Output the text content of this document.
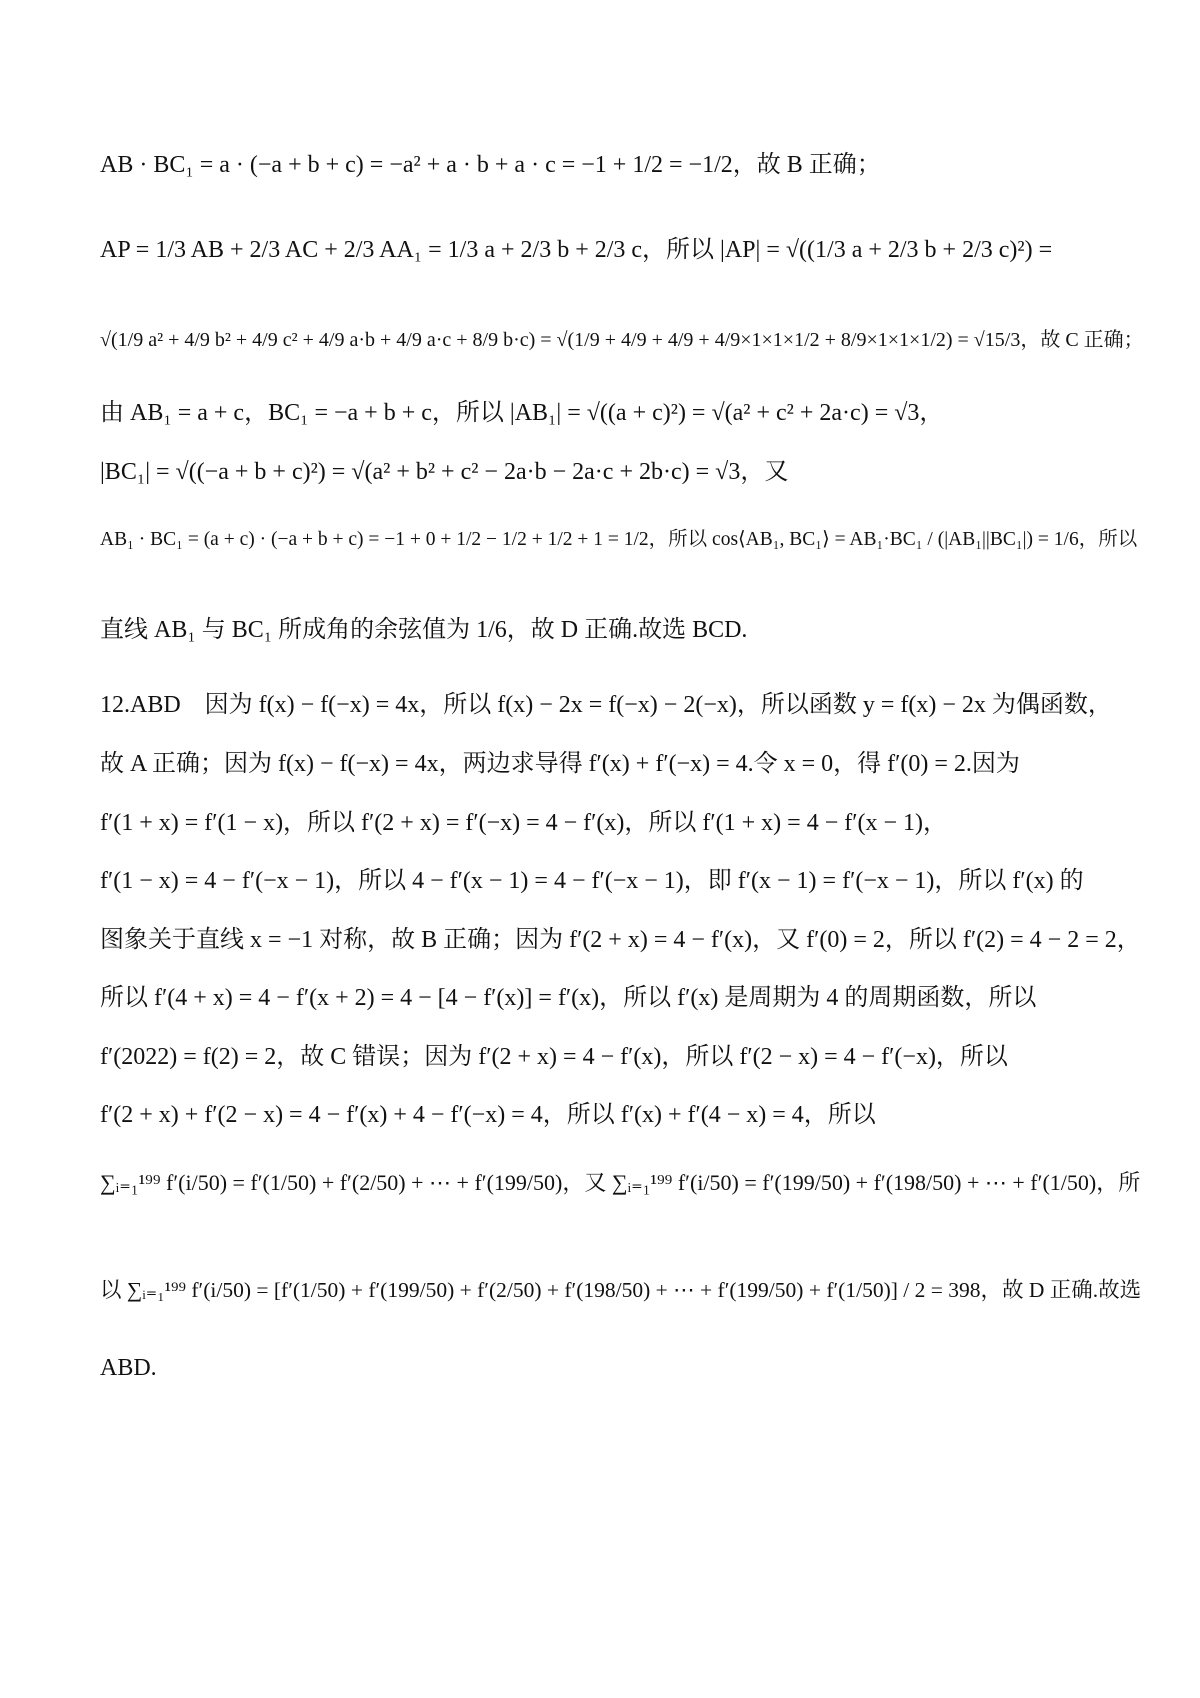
AB · BC₁ = a · (−a + b + c) = −a² + a · b + a · c = −1 + 1/2 = −1/2，故 B 正确；
AP = 1/3 AB + 2/3 AC + 2/3 AA₁ = 1/3 a + 2/3 b + 2/3 c，所以 |AP| = √((1/3 a + 2/3 b + 2/3 c)²) =
√(1/9 a² + 4/9 b² + 4/9 c² + 4/9 a·b + 4/9 a·c + 8/9 b·c) = √(1/9 + 4/9 + 4/9 + 4/9×1×1×1/2 + 8/9×1×1×1/2) = √15/3，故 C 正确；
由 AB₁ = a + c，BC₁ = −a + b + c，所以 |AB₁| = √((a + c)²) = √(a² + c² + 2a·c) = √3，
|BC₁| = √((−a + b + c)²) = √(a² + b² + c² − 2a·b − 2a·c + 2b·c) = √3，又
AB₁ · BC₁ = (a + c) · (−a + b + c) = −1 + 0 + 1/2 − 1/2 + 1/2 + 1 = 1/2，所以 cos⟨AB₁, BC₁⟩ = AB₁·BC₁ / (|AB₁||BC₁|) = 1/6，所以
直线 AB₁ 与 BC₁ 所成角的余弦值为 1/6，故 D 正确.故选 BCD.
12.ABD　因为 f(x) − f(−x) = 4x，所以 f(x) − 2x = f(−x) − 2(−x)，所以函数 y = f(x) − 2x 为偶函数，
故 A 正确；因为 f(x) − f(−x) = 4x，两边求导得 f′(x) + f′(−x) = 4.令 x = 0，得 f′(0) = 2.因为
f′(1 + x) = f′(1 − x)，所以 f′(2 + x) = f′(−x) = 4 − f′(x)，所以 f′(1 + x) = 4 − f′(x − 1)，
f′(1 − x) = 4 − f′(−x − 1)，所以 4 − f′(x − 1) = 4 − f′(−x − 1)，即 f′(x − 1) = f′(−x − 1)，所以 f′(x) 的
图象关于直线 x = −1 对称，故 B 正确；因为 f′(2 + x) = 4 − f′(x)，又 f′(0) = 2，所以 f′(2) = 4 − 2 = 2，
所以 f′(4 + x) = 4 − f′(x + 2) = 4 − [4 − f′(x)] = f′(x)，所以 f′(x) 是周期为 4 的周期函数，所以
f′(2022) = f(2) = 2，故 C 错误；因为 f′(2 + x) = 4 − f′(x)，所以 f′(2 − x) = 4 − f′(−x)，所以
f′(2 + x) + f′(2 − x) = 4 − f′(x) + 4 − f′(−x) = 4，所以 f′(x) + f′(4 − x) = 4，所以
∑ᵢ₌₁¹⁹⁹ f′(i/50) = f′(1/50) + f′(2/50) + ⋯ + f′(199/50)，又 ∑ᵢ₌₁¹⁹⁹ f′(i/50) = f′(199/50) + f′(198/50) + ⋯ + f′(1/50)，所
以 ∑ᵢ₌₁¹⁹⁹ f′(i/50) = [f′(1/50) + f′(199/50) + f′(2/50) + f′(198/50) + ⋯ + f′(199/50) + f′(1/50)] / 2 = 398，故 D 正确.故选
ABD.
